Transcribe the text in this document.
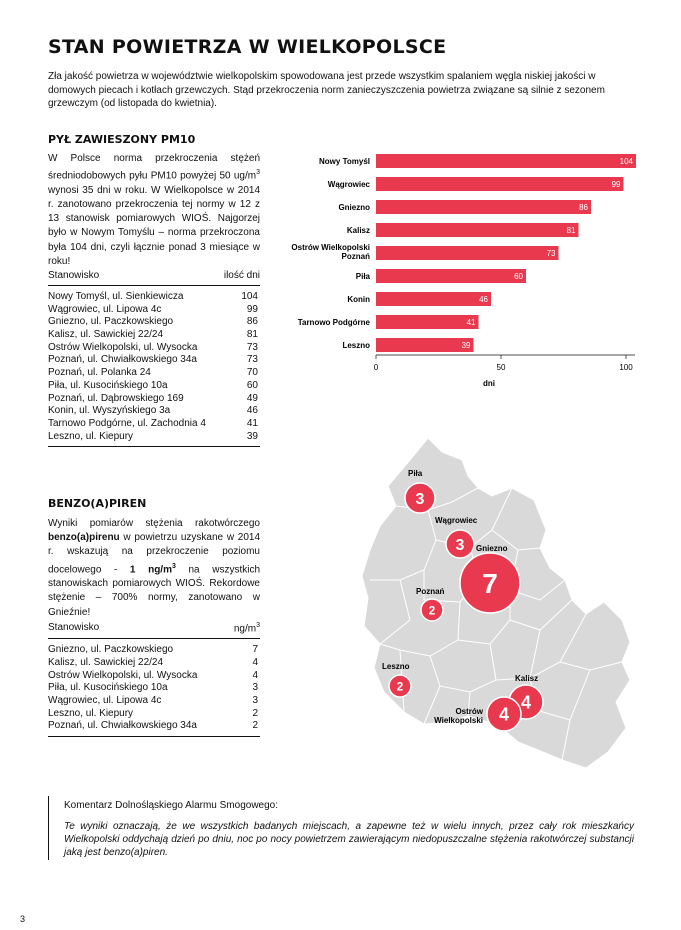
STAN POWIETRZA W WIELKOPOLSCE
Zła jakość powietrza w województwie wielkopolskim spowodowana jest przede wszystkim spalaniem węgla niskiej jakości w domowych piecach i kotłach grzewczych. Stąd przekroczenia norm zanieczyszczenia powietrza związane są silnie z sezonem grzewczym (od listopada do kwietnia).
PYŁ ZAWIESZONY PM10
W Polsce norma przekroczenia stężeń średniodobowych pyłu PM10 powyżej 50 $ug/m^3$ wynosi 35 dni w roku. W Wielkopolsce w 2014 r. zanotowano przekroczenia tej normy w 12 z 13 stanowisk pomiarowych WIOŚ. Najgorzej było w Nowym Tomyślu – norma przekroczona była 104 dni, czyli łącznie ponad 3 miesiące w roku!
Stanowisko	ilość dni
Nowy Tomyśl, ul. Sienkiewicza	104
Wągrowiec, ul. Lipowa 4c	99
Gniezno, ul. Paczkowskiego	86
Kalisz, ul. Sawickiej 22/24	81
Ostrów Wielkopolski, ul. Wysocka	73
Poznań, ul. Chwiałkowskiego 34a	73
Poznań, ul. Polanka 24	70
Piła, ul. Kusocińskiego 10a	60
Poznań, ul. Dąbrowskiego 169	49
Konin, ul. Wyszyńskiego 3a	46
Tarnowo Podgórne, ul. Zachodnia 4	41
Leszno, ul. Kiepury	39
104
Nowy Tomyśl
99
Wągrowiec
86
Gniezno
81
Kalisz
73
Ostrów Wielkopolski
Poznań
60
Piła
46
Konin
41
Tarnowo Podgórne
39
Leszno
0	50	100
dni
BENZO(A)PIREN
Wyniki pomiarów stężenia rakotwórczego benzo(a)pirenu w powietrzu uzyskane w 2014 r. wskazują na przekroczenie poziomu docelowego - 1 $ng/m^3$ na wszystkich stanowiskach pomiarowych WIOŚ. Rekordowe stężenie – 700% normy, zanotowano w Gnieźnie!
Stanowisko	$ng/m^3$
Gniezno, ul. Paczkowskiego	7
Kalisz, ul. Sawickiej 22/24	4
Ostrów Wielkopolski, ul. Wysocka	4
Piła, ul. Kusocińskiego 10a	3
Wągrowiec, ul. Lipowa 4c	3
Leszno, ul. Kiepury	2
Poznań, ul. Chwiałkowskiego 34a	2
3
Piła
3
Wągrowiec
7
Gniezno
2
Poznań
2
Leszno
4
Kalisz
4
Ostrów
Wielkopolski
Komentarz Dolnośląskiego Alarmu Smogowego:
Te wyniki oznaczają, że we wszystkich badanych miejscach, a zapewne też w wielu innych, przez cały rok mieszkańcy Wielkopolski oddychają dzień po dniu, noc po nocy powietrzem zawierającym niedopuszczalne stężenia rakotwórczej substancji jaką jest benzo(a)piren.
3
